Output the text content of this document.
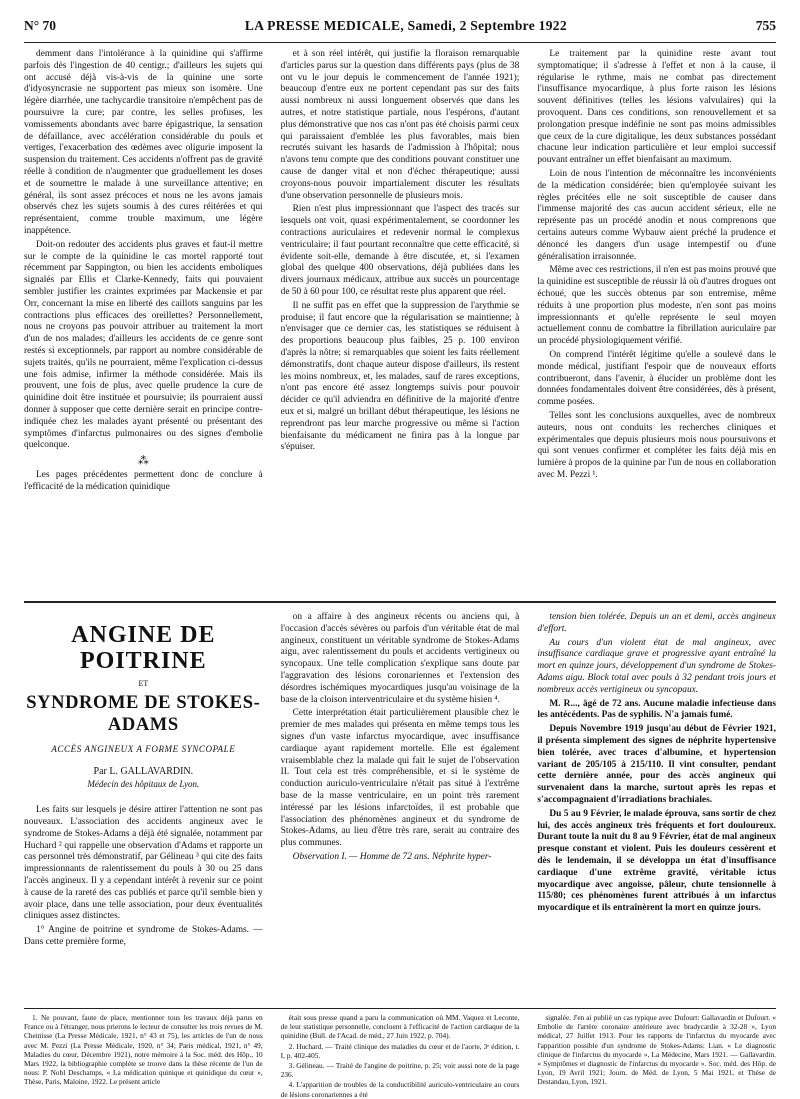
N° 70	LA PRESSE MEDICALE, Samedi, 2 Septembre 1922	755

demment dans l'intolérance à la quinidine qui s'affirme parfois dès l'ingestion de 40 centigr.; d'ailleurs les sujets qui ont accusé déjà vis-à-vis de la quinine une sorte d'idyosyncrasie ne supportent pas mieux son isomère. Une légère diarrhée, une tachycardie transitoire n'empêchent pas de poursuivre la cure; par contre, les selles profuses, les vomissements abondants avec barre épigastrique, la sensation de défaillance, avec accélération considérable du pouls et vertiges, l'exacerbation des œdèmes avec oligurie imposent la suspension du traitement. Ces accidents n'offrent pas de gravité réelle à condition de n'augmenter que graduellement les doses et de soumettre le malade à une surveillance attentive; en général, ils sont assez précoces et nous ne les avons jamais observés chez les sujets soumis à des cures réitérées et qui représentaient, comme trouble maximum, une légère inappétence.

Doit-on redouter des accidents plus graves et faut-il mettre sur le compte de la quinidine le cas mortel rapporté tout récemment par Sappington, ou bien les accidents emboliques signalés par Ellis et Clarke-Kennedy, faits qui pouvaient sembler justifier les craintes exprimées par Mackensie et par Orr, concernant la mise en liberté des caillots sanguins par les contractions plus efficaces des oreillettes? Personnellement, nous ne croyons pas pouvoir attribuer au traitement la mort d'un de nos malades; d'ailleurs les accidents de ce genre sont restés si exceptionnels, par rapport au nombre considérable de sujets traités, qu'ils ne pourraient, même l'explication ci-dessus une fois admise, infirmer la méthode considérée. Mais ils prouvent, une fois de plus, avec quelle prudence la cure de quinidine doit être instituée et poursuivie; ils pourraient aussi donner à supposer que cette dernière serait en principe contre-indiquée chez les malades ayant présenté ou présentant des symptômes d'infarctus pulmonaires ou des signes d'embolie quelconque.

⁂

Les pages précédentes permettent donc de conclure à l'efficacité de la médication quinidique

et à son réel intérêt, qui justifie la floraison remarquable d'articles parus sur la question dans différents pays (plus de 38 ont vu le jour depuis le commencement de l'année 1921); beaucoup d'entre eux ne portent cependant pas sur des faits aussi nombreux ni aussi longuement observés que dans les autres, et notre statistique partiale, nous l'espérons, d'autant plus démonstrative que nos cas n'ont pas été choisis parmi ceux qui paraissaient d'emblée les plus favorables, mais bien recrutés suivant les hasards de l'admission à l'hôpital; nous n'avons tenu compte que des conditions pouvant constituer une cause de danger vital et non d'échec thérapeutique; aussi croyons-nous pouvoir impartialement discuter les résultats d'une observation personnelle de plusieurs mois.

Rien n'est plus impressionnant que l'aspect des tracés sur lesquels ont voit, quasi expérimentalement, se coordonner les contractions auriculaires et redevenir normal le complexus ventriculaire; il faut pourtant reconnaître que cette efficacité, si évidente soit-elle, demande à être discutée, et, si l'examen global des quelque 400 observations, déjà publiées dans les divers journaux médicaux, attribue aux succès un pourcentage de 50 à 60 pour 100, ce résultat reste plus apparent que réel.

Il ne suffit pas en effet que la suppression de l'arythmie se produise; il faut encore que la régularisation se maintienne; à n'envisager que ce dernier cas, les statistiques se réduisent à des proportions beaucoup plus faibles, 25 p. 100 environ d'après la nôtre; si remarquables que soient les faits réellement démonstratifs, dont chaque auteur dispose d'ailleurs, ils restent les moins nombreux, et, les malades, sauf de rares exceptions, n'ont pas encore été assez longtemps suivis pour pouvoir décider ce qu'il adviendra en définitive de la majorité d'entre eux et si, malgré un brillant début thérapeutique, les lésions ne reprendront pas leur marche progressive ou même si l'action bienfaisante du médicament ne finira pas à la longue par s'épuiser.

Le traitement par la quinidine reste avant tout symptomatique; il s'adresse à l'effet et non à la cause, il régularise le rythme, mais ne combat pas directement l'insuffisance myocardique, à plus forte raison les lésions souvent définitives (telles les lésions valvulaires) qui la provoquent. Dans ces conditions, son renouvellement et sa prolongation presque indéfinie ne sont pas moins admissibles que ceux de la cure digitalique, les deux substances possédant chacune leur indication particulière et leur emploi successif pouvant entraîner un effet bienfaisant au maximum.

Loin de nous l'intention de méconnaître les inconvénients de la médication considérée; bien qu'employée suivant les règles précitées elle ne soit susceptible de causer dans l'immense majorité des cas aucun accident sérieux, elle ne représente pas un procédé anodin et nous comprenons que certains auteurs comme Wybauw aient préché la prudence et dénoncé les dangers d'un usage intempestif ou d'une généralisation irraisonnée.

Même avec ces restrictions, il n'en est pas moins prouvé que la quinidine est susceptible de réussir là où d'autres drogues ont échoué, que les succès obtenus par son entremise, même réduits à une proportion plus modeste, n'en sont pas moins impressionnants et qu'elle représente le seul moyen actuellement connu de combattre la fibrillation auriculaire par un procédé physiologiquement vérifié.

On comprend l'intérêt légitime qu'elle a soulevé dans le monde médical, justifiant l'espoir que de nouveaux efforts contribueront, dans l'avenir, à élucider un problème dont les données fondamentales doivent être considérées, dès à présent, comme posées.

Telles sont les conclusions auxquelles, avec de nombreux auteurs, nous ont conduits les recherches cliniques et expérimentales que depuis plusieurs mois nous poursuivons et qui sont venues confirmer et compléter les faits déjà mis en lumière à propos de la quinine par l'un de nous en collaboration avec M. Pezzi ¹.

ANGINE DE POITRINE
ET
SYNDROME DE STOKES-ADAMS
ACCÈS ANGINEUX A FORME SYNCOPALE
Par L. GALLAVARDIN.
Médecin des hôpitaux de Lyon.

Les faits sur lesquels je désire attirer l'attention ne sont pas nouveaux. L'association des accidents angineux avec le syndrome de Stokes-Adams a déjà été signalée, notamment par Huchard ² qui rappelle une observation d'Adams et rapporte un cas personnel très démonstratif, par Gélineau ³ qui cite des faits impressionnants de ralentissement du pouls à 30 ou 25 dans l'accès angineux. Il y a cependant intérêt à revenir sur ce point à cause de la rareté des cas publiés et parce qu'il semble bien y avoir place, dans une telle association, pour deux éventualités cliniques assez distinctes.

1° Angine de poitrine et syndrome de Stokes-Adams. — Dans cette première forme,

on a affaire à des angineux récents ou anciens qui, à l'occasion d'accès sévères ou parfois d'un véritable état de mal angineux, constituent un véritable syndrome de Stokes-Adams aigu, avec ralentissement du pouls et accidents vertigineux ou syncopaux. Une telle complication s'explique sans doute par l'aggravation des lésions coronariennes et l'extension des désordres ischémiques myocardiques jusqu'au voisinage de la base de la cloison interventriculaire et du système hisien ⁴.

Cette interprétation était particulièrement plausible chez le premier de mes malades qui présenta en même temps tous les signes d'un vaste infarctus myocardique, avec insuffisance cardiaque ayant rapidement mortelle. Elle est également vraisemblable chez la malade qui fait le sujet de l'observation II. Tout cela est très compréhensible, et si le système de conduction auriculo-ventriculaire n'était pas situé à l'extrême base de la masse ventriculaire, en un point très rarement intéressé par les lésions infarctoïdes, il est probable que l'association des phénomènes angineux et du syndrome de Stokes-Adams, au lieu d'être très rare, serait au contraire des plus communes.

Observation I. — Homme de 72 ans. Néphrite hyper-

tension bien tolérée. Depuis un an et demi, accès angineux d'effort.

Au cours d'un violent état de mal angineux, avec insuffisance cardiaque grave et progressive ayant entraîné la mort en quinze jours, développement d'un syndrome de Stokes-Adams aigu. Block total avec pouls à 32 pendant trois jours et nombreux accès vertigineux ou syncopaux.

M. R..., âgé de 72 ans. Aucune maladie infectieuse dans les antécédents. Pas de syphilis. N'a jamais fumé.

Depuis Novembre 1919 jusqu'au début de Février 1921, il présenta simplement des signes de néphrite hypertensive bien tolérée, avec traces d'albumine, et hypertension variant de 205/105 à 215/110. Il vint consulter, pendant cette dernière année, pour des accès angineux qui survenaient dans la marche, surtout après les repas et s'accompagnaient d'irradiations brachiales.

Du 5 au 9 Février, le malade éprouva, sans sortir de chez lui, des accès angineux très fréquents et fort douloureux. Durant toute la nuit du 8 au 9 Février, état de mal angineux presque constant et violent. Puis les douleurs cessèrent et dès le lendemain, il se développa un état d'insuffisance cardiaque d'une extrême gravité, véritable ictus myocardique avec angoisse, pâleur, chute tensionnelle à 115/80; ces phénomènes furent attribués à un infarctus myocardique et ils entraînèrent la mort en quinze jours.

1. Ne pouvant, faute de place, mentionner tous les travaux déjà parus en France ou à l'étranger, nous prierons le lecteur de consulter les trois revues de M. Cheinisse (La Presse Médicale, 1921, n° 43 et 75), les articles de l'un de nous avec M. Pezzi (La Presse Médicale, 1920, n° 34; Paris médical, 1921, n° 49, Maladies du cœur, Décembre 1921), notre mémoire à la Soc. méd. des Hôp., 10 Mars 1922, la bibliographie complète se trouve dans la thèse récente de l'un de nous: P. Nobl Deschamps, « La médication quinique et quinidique du cœur », Thèse, Paris, Maloine, 1922. Le présent article

était sous presse quand a paru la communication où MM. Vaquez et Leconte, de leur statistique personnelle, concluent à l'efficacité de l'action cardiaque de la quinidine (Bull. de l'Acad. de méd., 27 Juin 1922, p. 704).

2. Huchard. — Traité clinique des maladies du cœur et de l'aorte, 3ᵉ édition, t. I, p. 402-405.

3. Gélineau. — Traité de l'angine de poitrine, p. 25; voir aussi note de la page 236.

4. L'apparition de troubles de la conductibilité auriculo-ventriculaire au cours de lésions coronariennes a été

signalée. J'en ai publié un cas typique avec Dufourt: Gallavardin et Dufourt. « Embolie de l'artère coronaire antérieure avec bradycardie à 32-28 », Lyon médical, 27 Juillet 1913. Pour les rapports de l'infarctus du myocarde avec l'apparition possible d'un syndrome de Stokes-Adams: Lian. « Le diagnostic clinique de l'infarctus du myocarde », La Médecine, Mars 1921. — Gallavardin. « Symptômes et diagnostic de l'infarctus du myocarde ». Soc. méd. des Hôp. de Lyon, 19 Avril 1921; Journ. de Méd. de Lyon, 5 Mai 1921, et Thèse de Destandau, Lyon, 1921.
